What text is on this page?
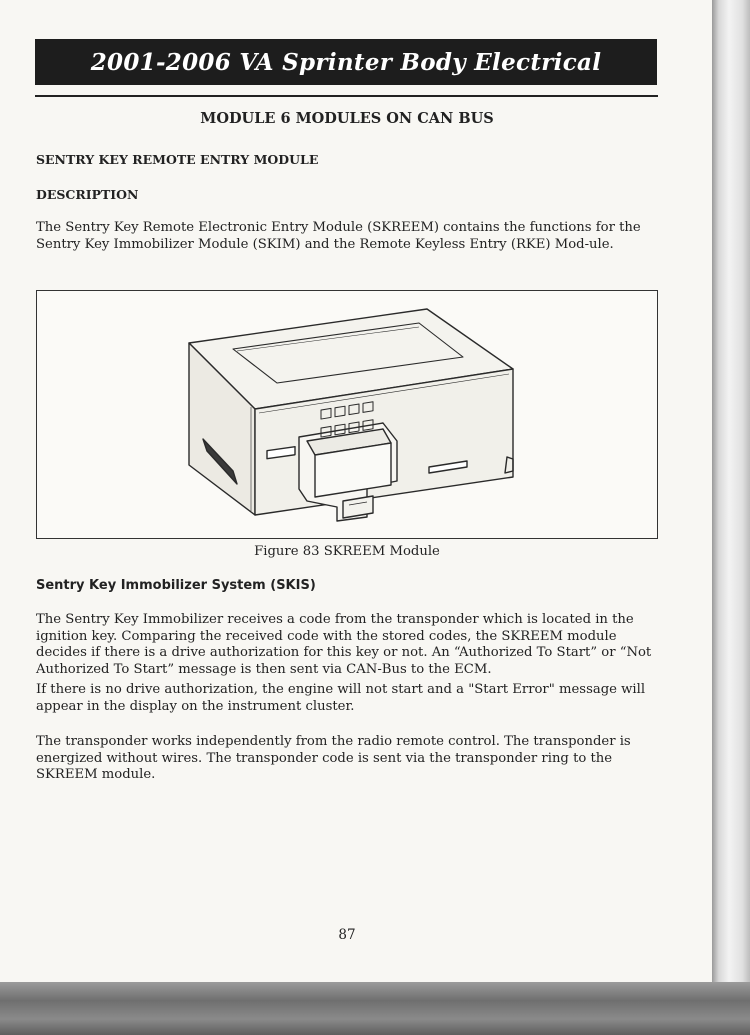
2001-2006 VA Sprinter Body Electrical
MODULE 6 MODULES ON CAN BUS
SENTRY KEY REMOTE ENTRY MODULE
DESCRIPTION
The Sentry Key Remote Electronic Entry Module (SKREEM) contains the functions for the Sentry Key Immobilizer Module (SKIM) and the Remote Keyless Entry (RKE) Mod-ule.
Figure 83 SKREEM Module
Sentry Key Immobilizer System (SKIS)
The Sentry Key Immobilizer receives a code from the transponder which is located in the ignition key. Comparing the received code with the stored codes, the SKREEM module decides if there is a drive authorization for this key or not. An “Authorized To Start” or “Not Authorized To Start” message is then sent via CAN-Bus to the ECM.
If there is no drive authorization, the engine will not start and a "Start Error" message will appear in the display on the instrument cluster.
The transponder works independently from the radio remote control. The transponder is energized without wires. The transponder code is sent via the transponder ring to the SKREEM module.
87
